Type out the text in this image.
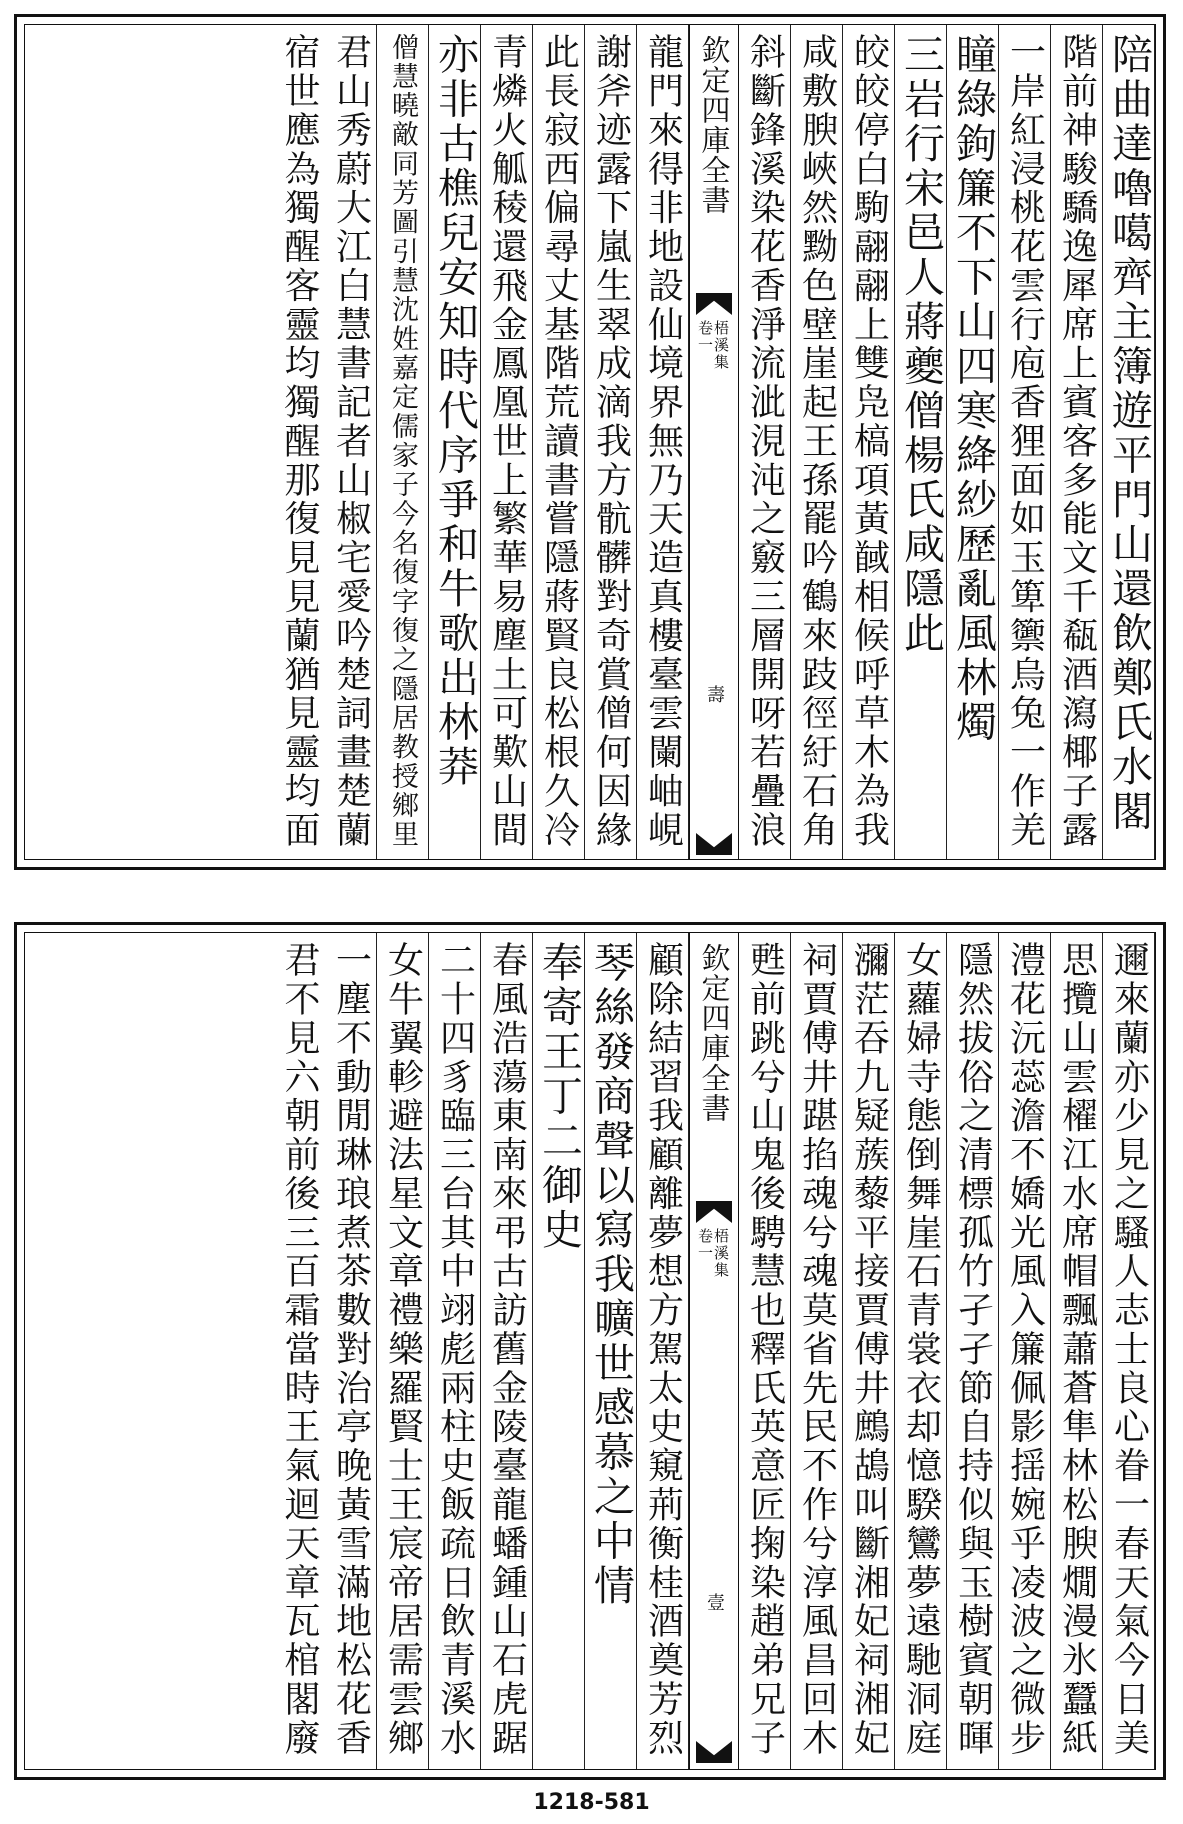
陪曲達嚕噶齊主簿遊平門山還飲鄭氏水閣
階前神駿驕逸犀席上賓客多能文千瓻酒瀉椰子露
一岸紅浸桃花雲行庖香狸面如玉箄籞烏兔一作羌
瞳綠鉤簾不下山四寒絳紗歷亂風林燭
三岩行宋邑人蔣夔僧楊氏咸隱此
皎皎停白駒翮翮上雙凫槁項黃馘相候呼草木為我
咸敷腴峽然黝色壁崖起王孫罷吟鶴來跂徑紆石角
斜斷鋒溪染花香淨流泚涀沌之竅三層開呀若疊浪
欽定四庫全書
梧溪集
卷一
壽
龍門來得非地設仙境界無乃天造真樓臺雲闌岫峴
謝斧迹露下嵐生翠成滴我方骯髒對奇賞僧何因緣
此長寂西偏尋丈基階荒讀書嘗隱蔣賢良松根久冷
青燐火觚稜還飛金鳳凰世上繁華易塵土可歎山間
亦非古樵兒安知時代序爭和牛歌出林莽
僧慧曉敵同芳圖引慧沈姓嘉定儒家子今名復字復之隱居教授鄉里
君山秀蔚大江白慧書記者山椒宅愛吟楚詞畫楚蘭
宿世應為獨醒客靈均獨醒那復見見蘭猶見靈均面
邇來蘭亦少見之騷人志士良心眷一春天氣今日美
思攬山雲櫂江水席帽飄蕭蒼隼林松腴燗漫氷蠶紙
澧花沅蕊澹不嬌光風入簾佩影揺婉乎凌波之微步
隱然拔俗之清標孤竹孑孑節自持似與玉樹賓朝暉
女蘿婦寺態倒舞崖石青裳衣却憶騤鸞夢遠馳洞庭
瀰茫吞九疑蔟藜平接賈傅井鷓鴣叫斷湘妃祠湘妃
祠賈傅井踸掐魂兮魂莫省先民不作兮淳風昌回木
甦前跳兮山鬼後騁慧也釋氏英意匠掬染趙弟兄子
欽定四庫全書
梧溪集
卷一
壹
顧除結習我顧離夢想方駕太史窺荊衡桂酒奠芳烈
琴絲發商聲以寫我曠世感慕之中情
奉寄王丁二御史
春風浩蕩東南來弔古訪舊金陵臺龍蟠鍾山石虎踞
二十四豸臨三台其中翊彪兩柱史飯疏日飲青溪水
女牛翼軫避法星文章禮樂羅賢士王宸帝居需雲鄉
一塵不動閒琳琅煮茶數對治亭晚黃雪滿地松花香
君不見六朝前後三百霜當時王氣迴天章瓦棺閣廢
1218-581
